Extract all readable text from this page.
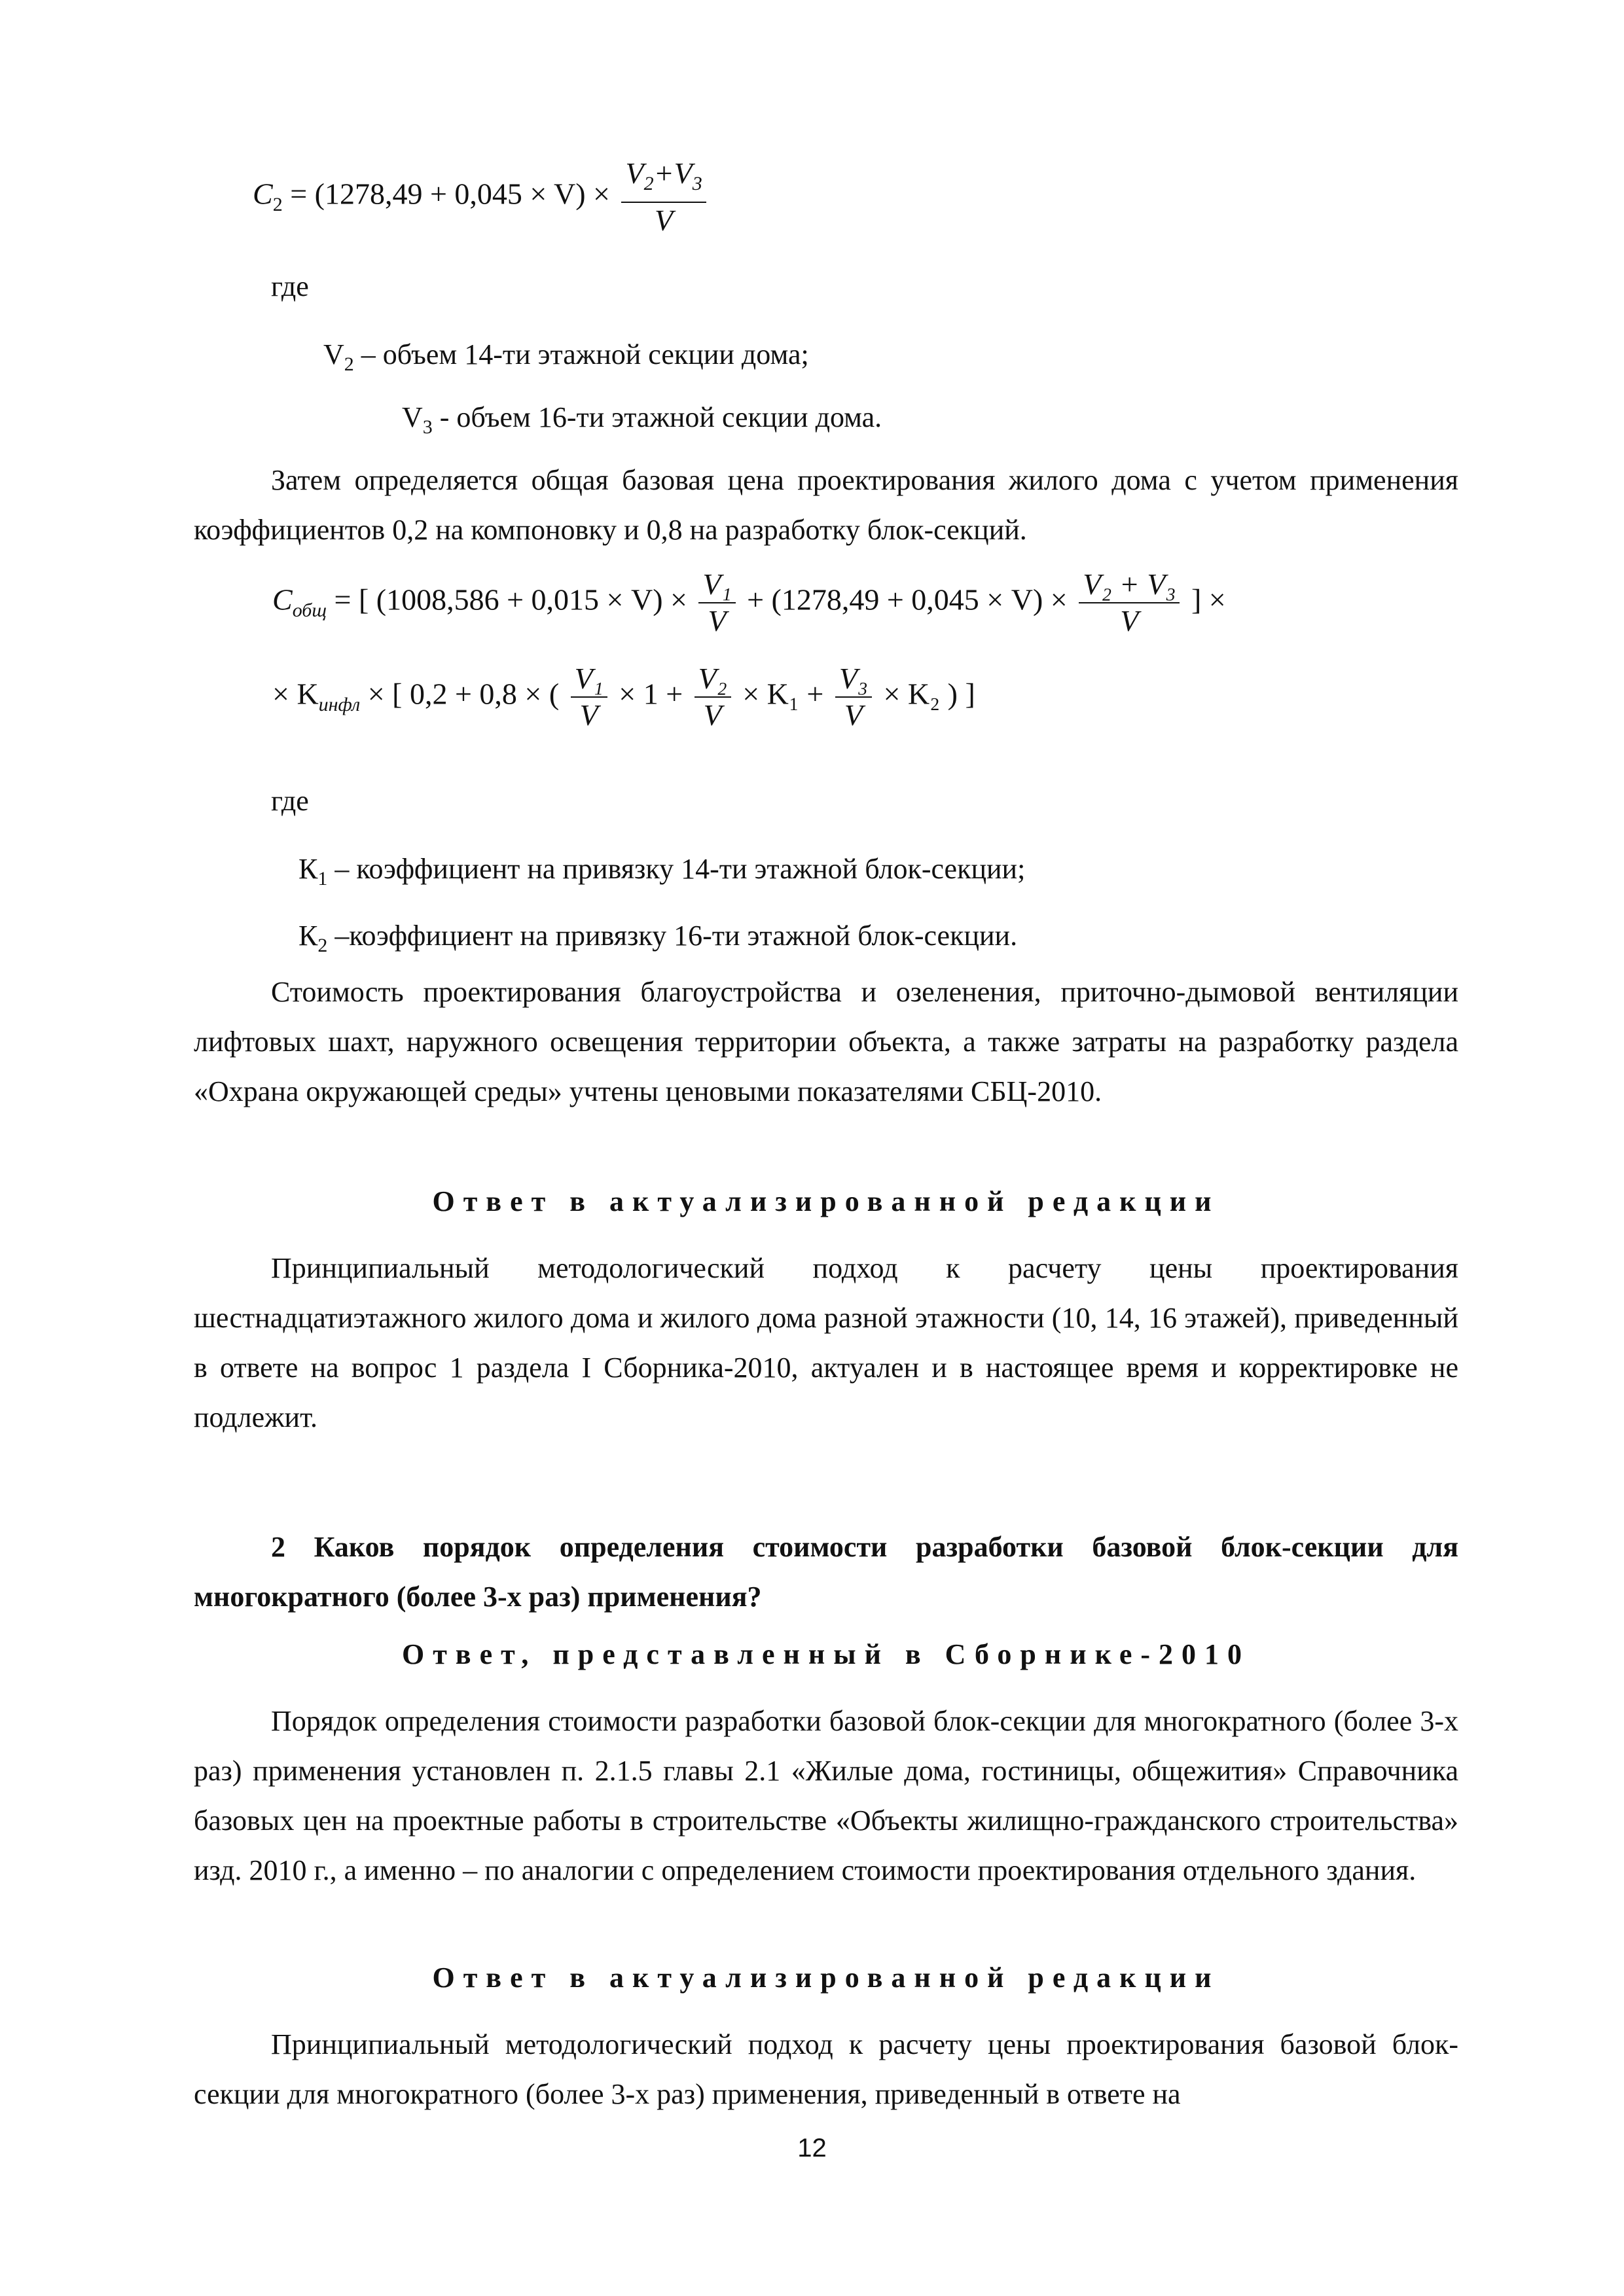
$C_2 = (1278,49 + 0,045 \times V) \times \frac{V_2+V_3}{V}$

где

$V_2$ – объем 14-ти этажной секции дома;

$V_3$ - объем 16-ти этажной секции дома.

Затем определяется общая базовая цена проектирования жилого дома с учетом применения коэффициентов 0,2 на компоновку и 0,8 на разработку блок-секций.

$C_{общ}$ = [ $(1008,586 + 0,015 \times V) \times \frac{\text{V₁}}{V} + (1278,49 + 0,045 \times V) \times \frac{\text{V₂ + V₃}}{V}$ ] ×
× $K_{инфл}$ × [ 0,2 + 0,8 × ( $\frac{\text{V₁}}{V} \times 1 + \frac{\text{V₂}}{V} \times K_1 + \frac{\text{V₃}}{V} \times K_2$ ) ]

где

$К_1$ – коэффициент на привязку 14-ти этажной блок-секции;

$К_2$ –коэффициент на привязку 16-ти этажной блок-секции.

Стоимость проектирования благоустройства и озеленения, приточно-дымовой вентиляции лифтовых шахт, наружного освещения территории объекта, а также затраты на разработку раздела «Охрана окружающей среды» учтены ценовыми показателями СБЦ-2010.

Ответ в актуализированной редакции

Принципиальный методологический подход к расчету цены проектирования шестнадцатиэтажного жилого дома и жилого дома разной этажности (10, 14, 16 этажей), приведенный в ответе на вопрос 1 раздела I Сборника-2010, актуален и в настоящее время и корректировке не подлежит.

2 Каков порядок определения стоимости разработки базовой блок-секции для многократного (более 3-х раз) применения?

Ответ, представленный в Сборнике-2010

Порядок определения стоимости разработки базовой блок-секции для многократного (более 3-х раз) применения установлен п. 2.1.5 главы 2.1 «Жилые дома, гостиницы, общежития» Справочника базовых цен на проектные работы в строительстве «Объекты жилищно-гражданского строительства» изд. 2010 г., а именно – по аналогии с определением стоимости проектирования отдельного здания.

Ответ в актуализированной редакции

Принципиальный методологический подход к расчету цены проектирования базовой блок-секции для многократного (более 3-х раз) применения, приведенный в ответе на

12
